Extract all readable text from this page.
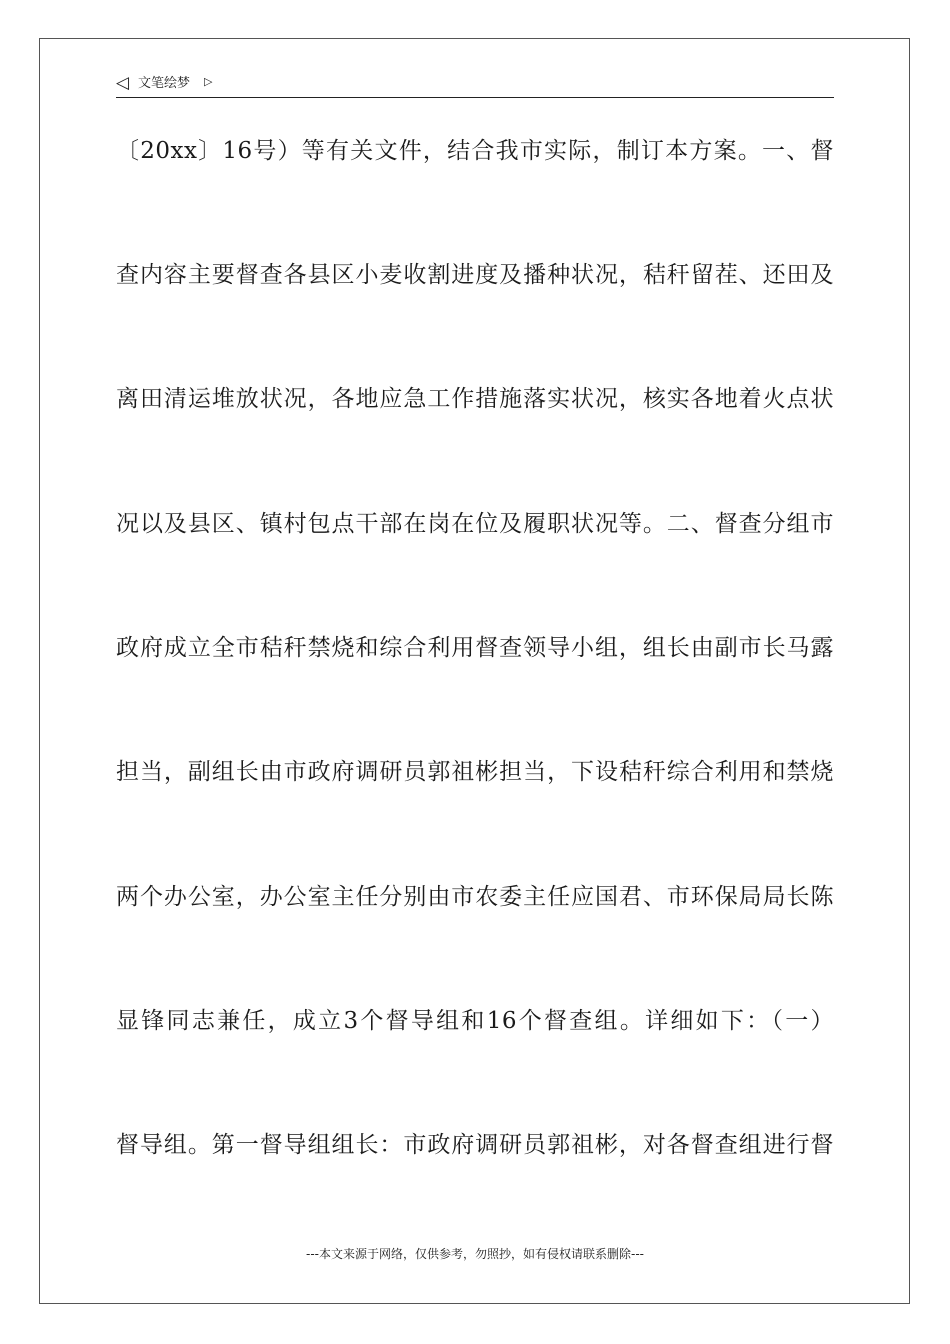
◁ 文笔绘梦 ▷
〔20xx〕16号）等有关文件，结合我市实际，制订本方案。一、督
查内容主要督查各县区小麦收割进度及播种状况，秸秆留茬、还田及
离田清运堆放状况，各地应急工作措施落实状况，核实各地着火点状
况以及县区、镇村包点干部在岗在位及履职状况等。二、督查分组市
政府成立全市秸秆禁烧和综合利用督查领导小组，组长由副市长马露
担当，副组长由市政府调研员郭祖彬担当，下设秸秆综合利用和禁烧
两个办公室，办公室主任分别由市农委主任应国君、市环保局局长陈
显锋同志兼任，成立3个督导组和16个督查组。详细如下：（一）
督导组。第一督导组组长：市政府调研员郭祖彬，对各督查组进行督
---本文来源于网络，仅供参考，勿照抄，如有侵权请联系删除---
